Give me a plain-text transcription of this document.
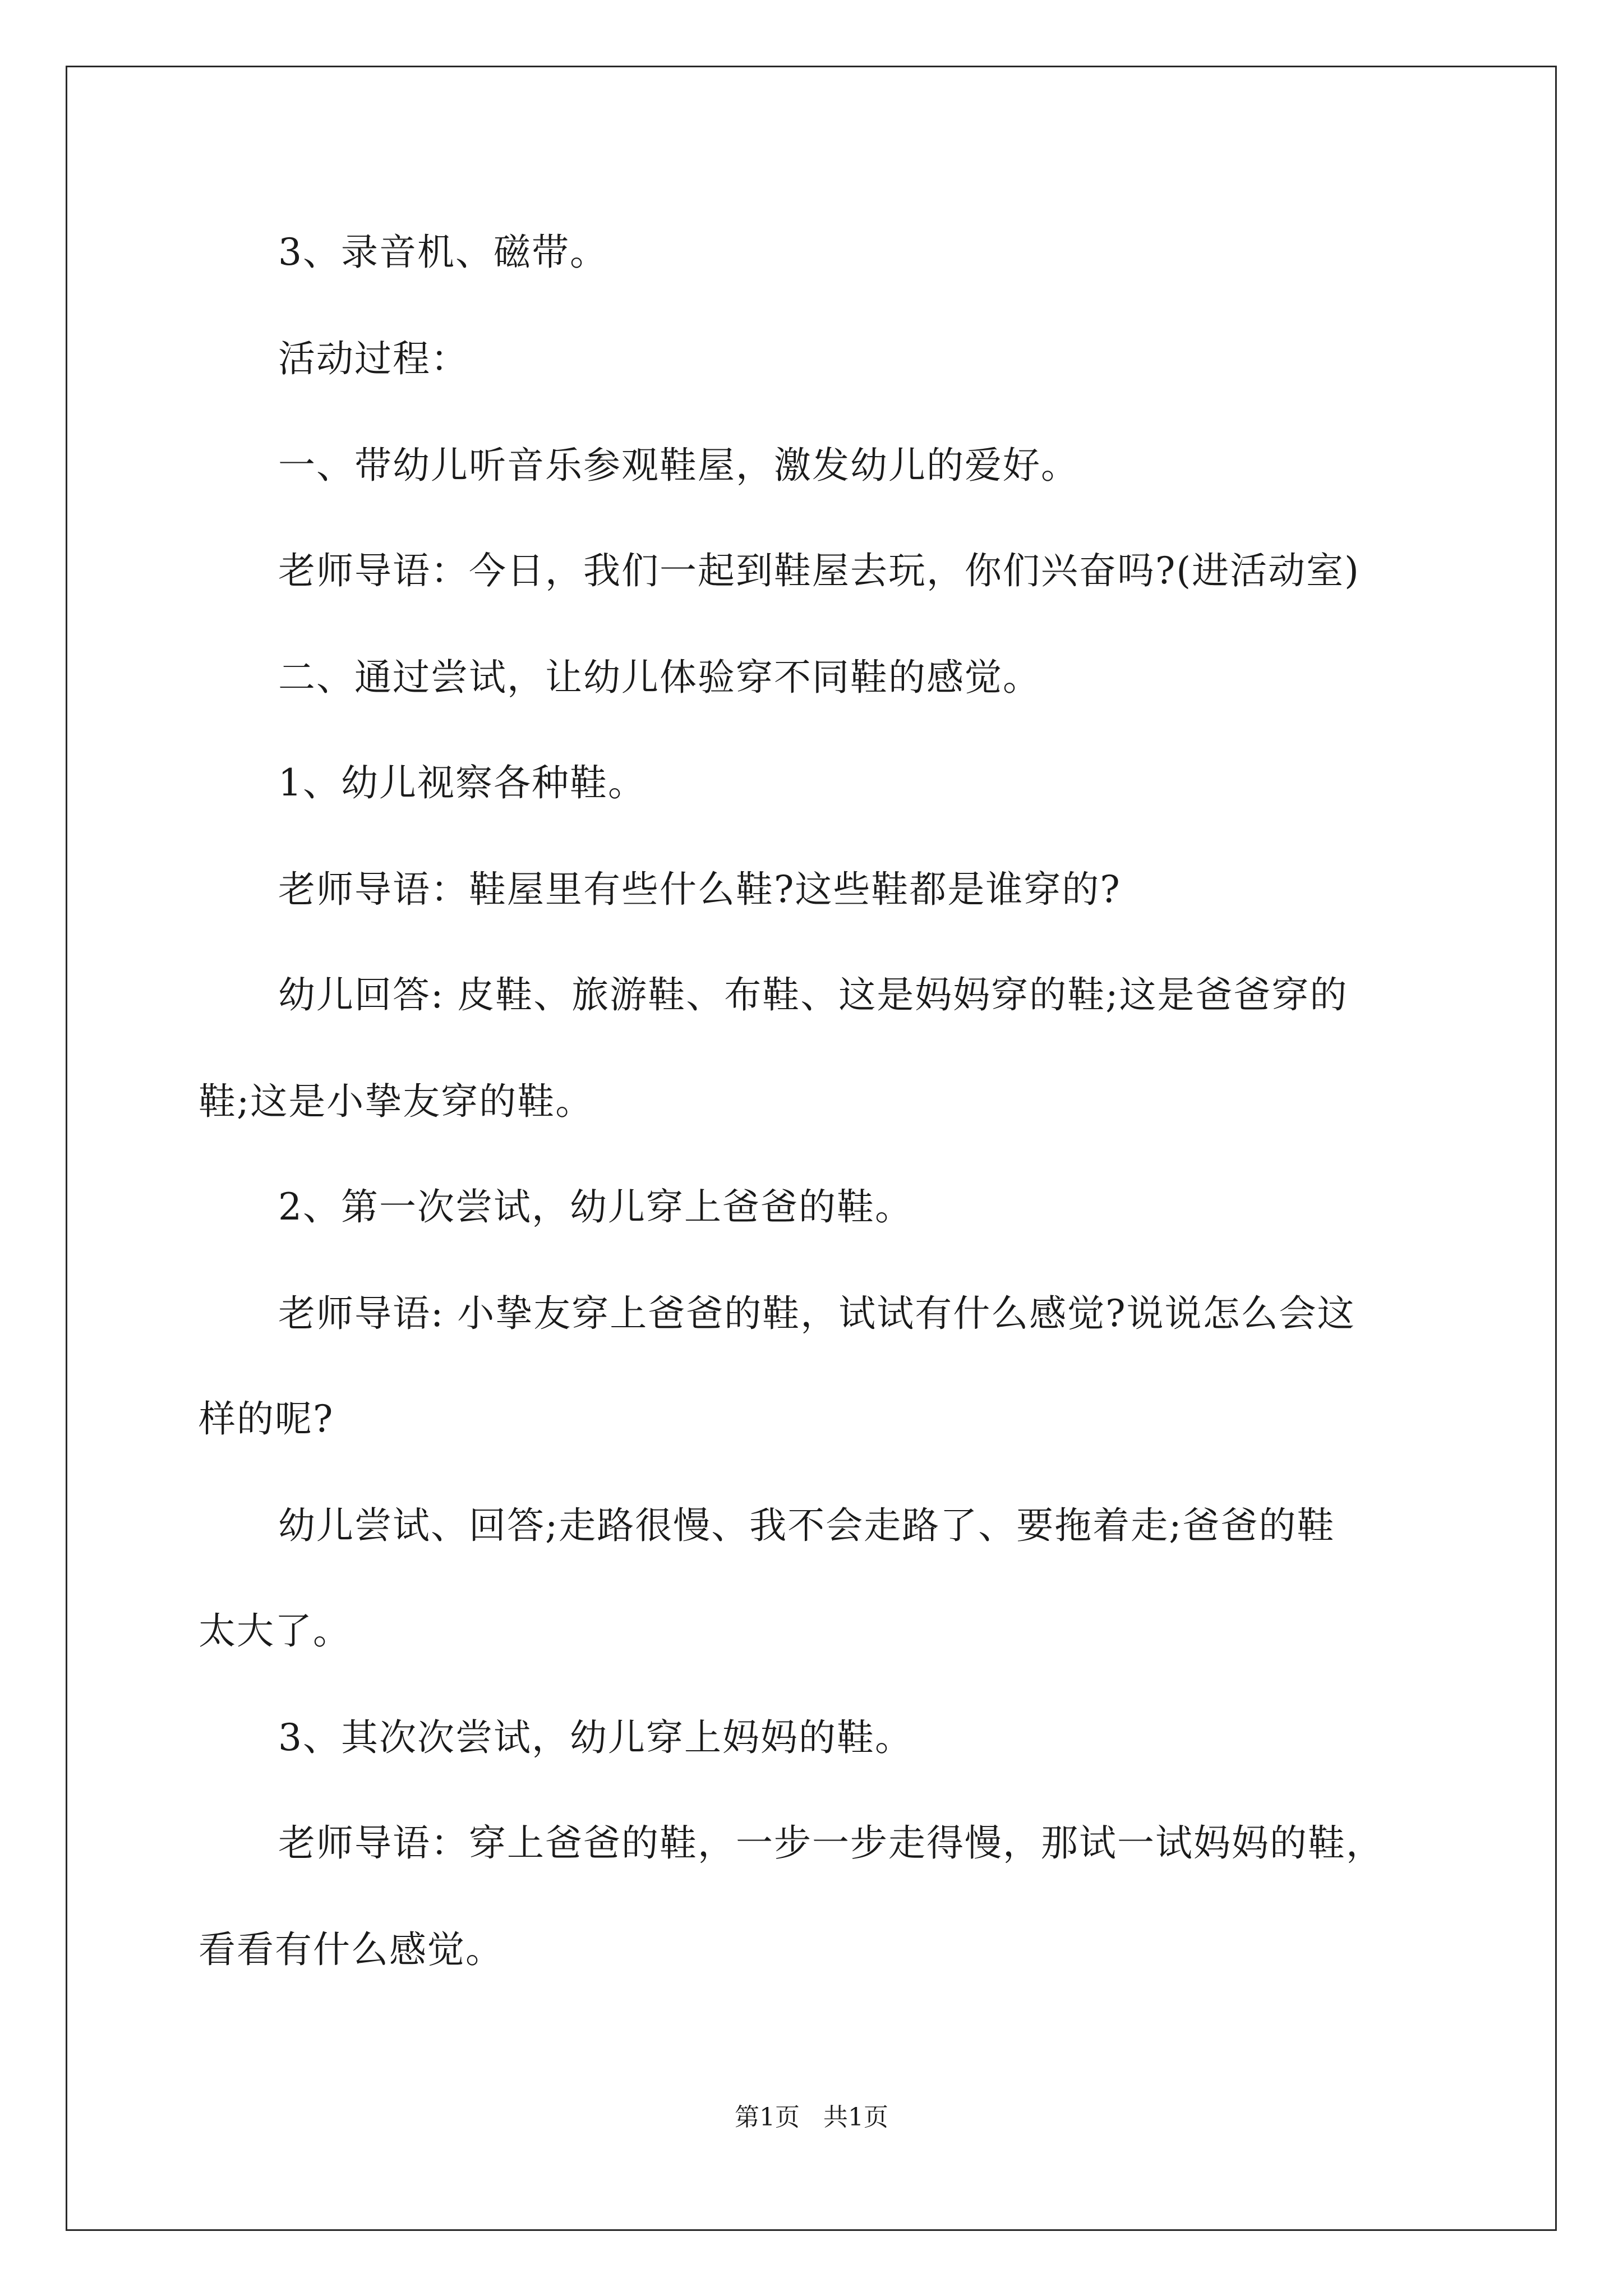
3、录音机、磁带。
活动过程：
一、带幼儿听音乐参观鞋屋，激发幼儿的爱好。
老师导语：今日，我们一起到鞋屋去玩，你们兴奋吗?(进活动室)
二、通过尝试，让幼儿体验穿不同鞋的感觉。
1、幼儿视察各种鞋。
老师导语：鞋屋里有些什么鞋?这些鞋都是谁穿的?
幼儿回答: 皮鞋、旅游鞋、布鞋、这是妈妈穿的鞋;这是爸爸穿的
鞋;这是小挚友穿的鞋。
2、第一次尝试，幼儿穿上爸爸的鞋。
老师导语: 小挚友穿上爸爸的鞋，试试有什么感觉?说说怎么会这
样的呢?
幼儿尝试、回答;走路很慢、我不会走路了、要拖着走;爸爸的鞋
太大了。
3、其次次尝试，幼儿穿上妈妈的鞋。
老师导语：穿上爸爸的鞋，一步一步走得慢，那试一试妈妈的鞋，
看看有什么感觉。
第1页   共1页
